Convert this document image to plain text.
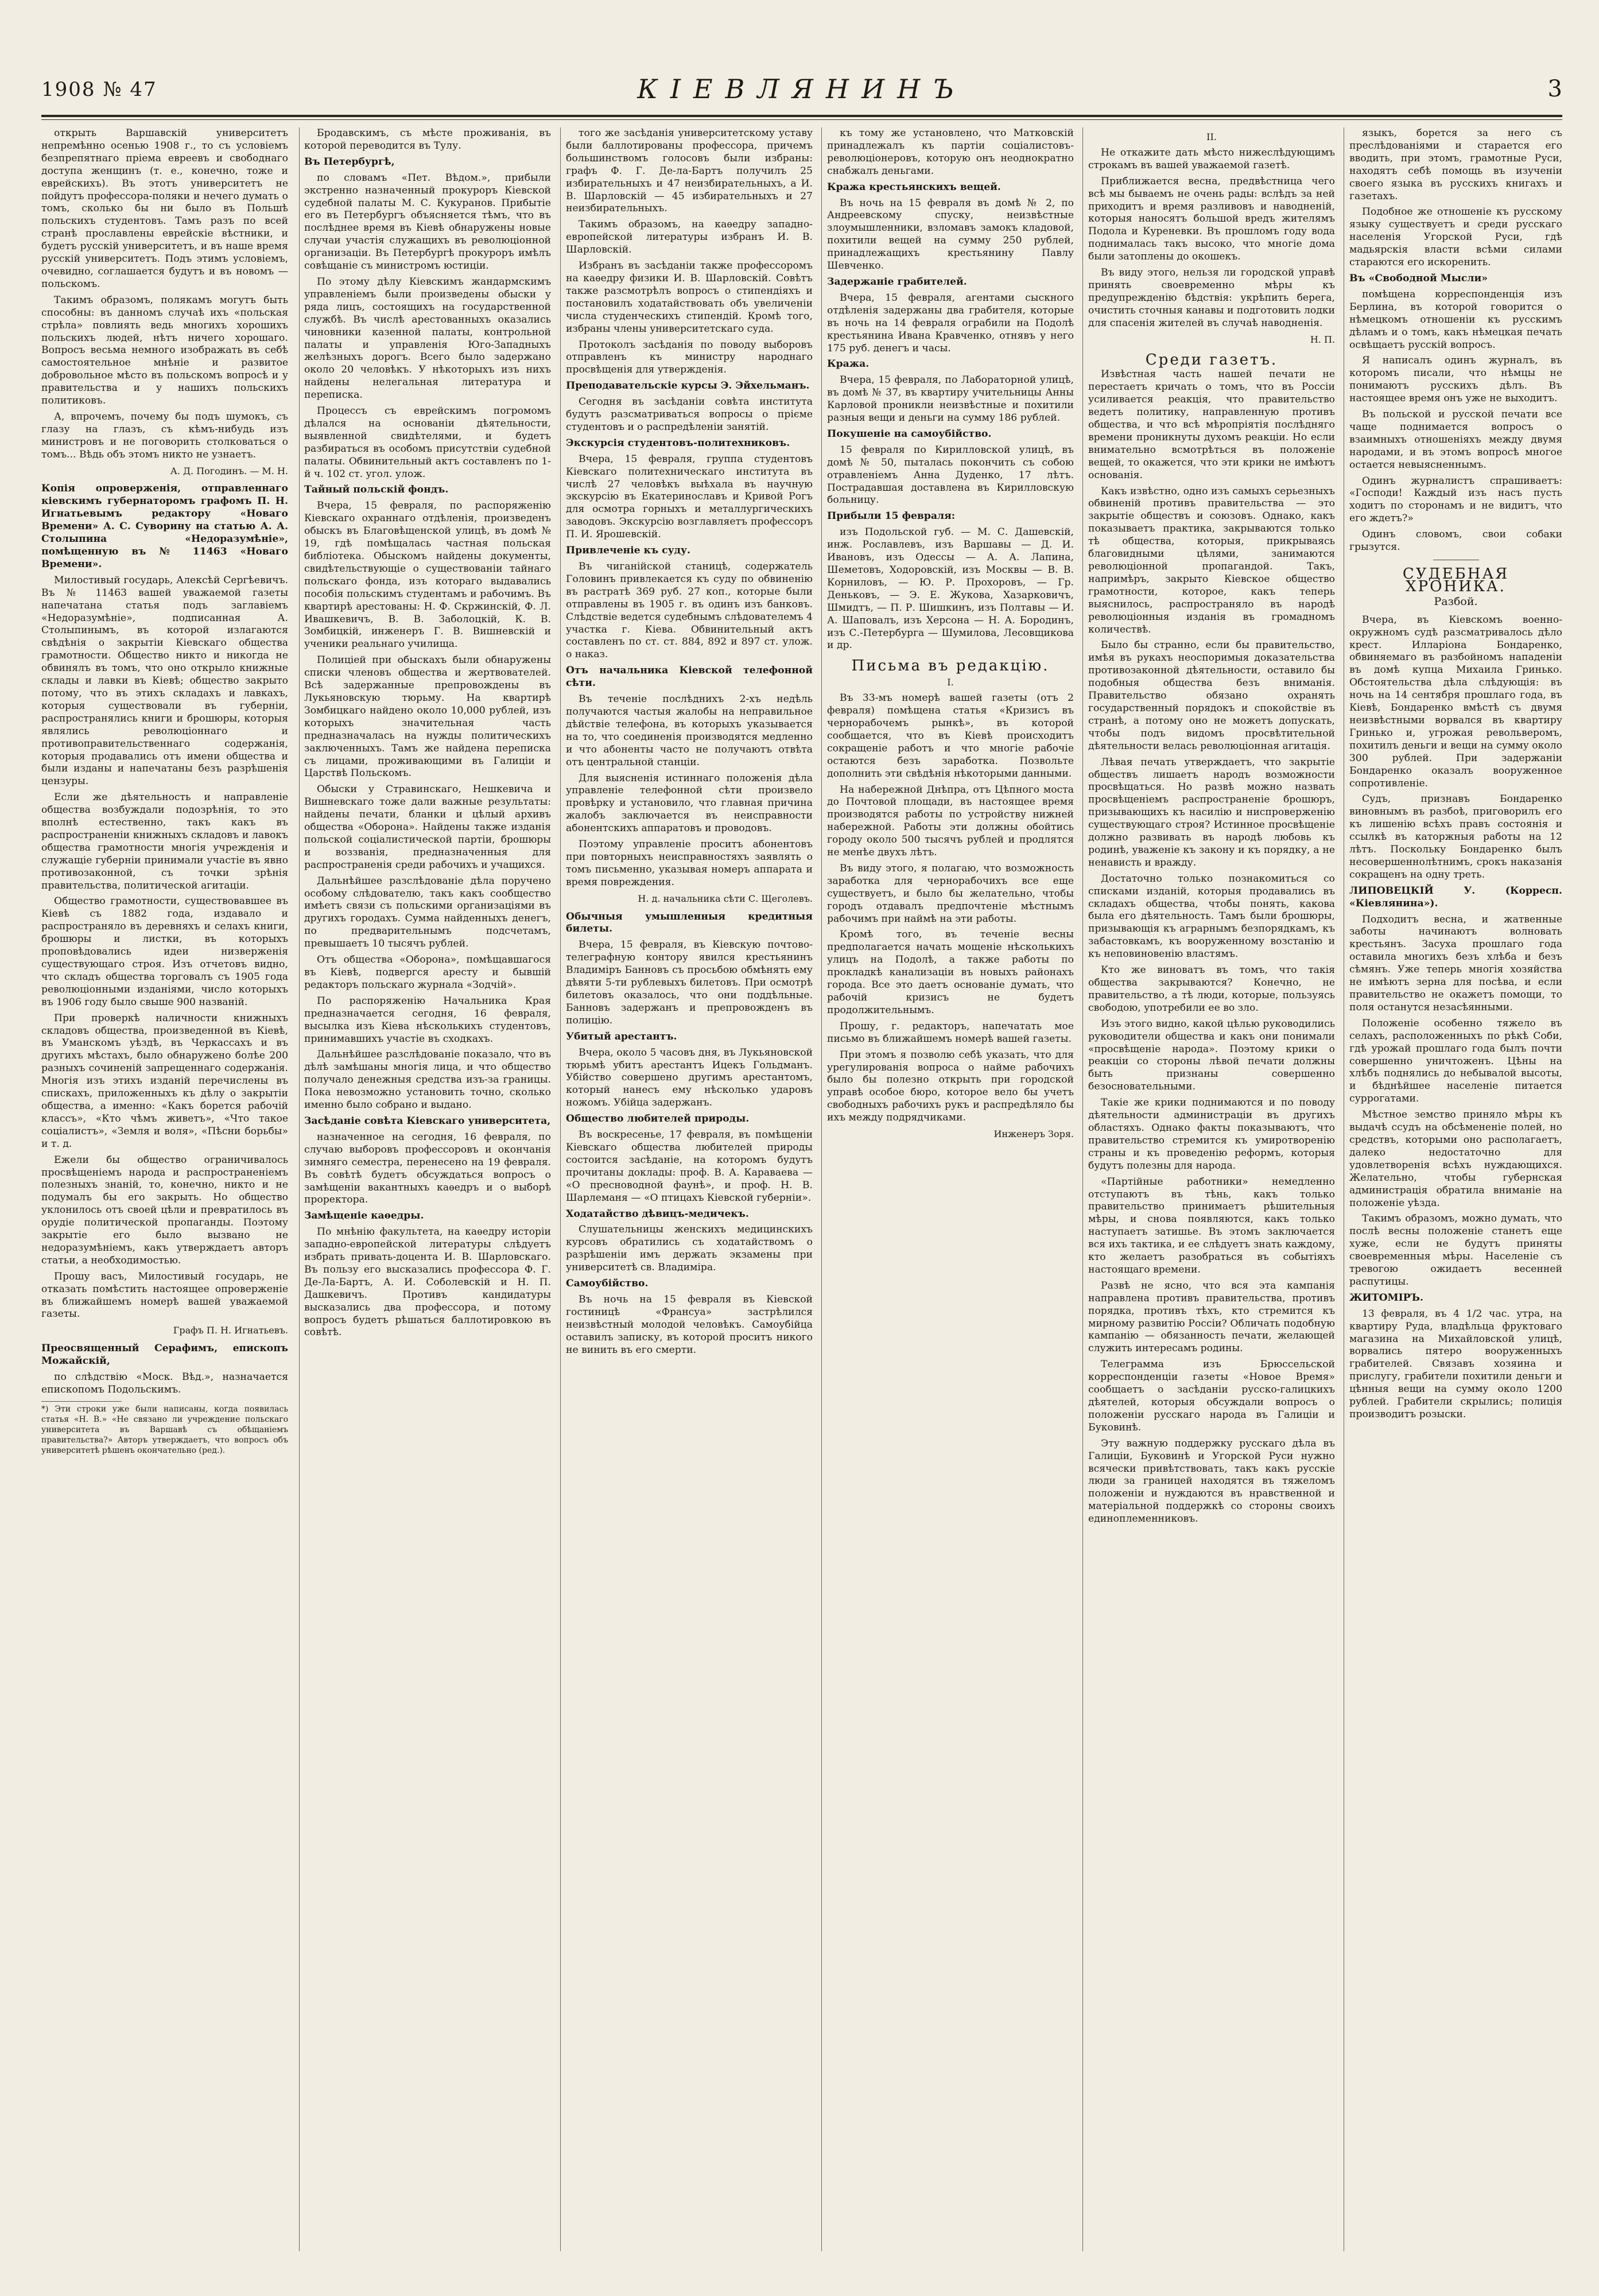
1908 № 47	КІЕВЛЯНИНЪ	3

открыть Варшавскій университетъ непремѣнно осенью 1908 г., то съ условіемъ безпрепятнаго пріема евреевъ и свободнаго доступа женщинъ (т. е., конечно, тоже и еврейскихъ). Въ этотъ университетъ не пойдутъ профессора-поляки и нечего думать о томъ, сколько бы ни было въ Польшѣ польскихъ студентовъ. Тамъ разъ по всей странѣ прославлены еврейскіе вѣстники, и будетъ русскій университетъ, и въ наше время русскій университетъ. Подъ этимъ условіемъ, очевидно, соглашается будутъ и въ новомъ — польскомъ.

Такимъ образомъ, полякамъ могутъ быть способны: въ данномъ случаѣ ихъ «польская стрѣла» повлиять ведь многихъ хорошихъ польскихъ людей, нѣтъ ничего хорошаго. Вопросъ весьма немного изображать въ себѣ самостоятельное мнѣніе и развитое добровольное мѣсто въ польскомъ вопросѣ и у правительства и у нашихъ польскихъ политиковъ.

А, впрочемъ, почему бы подъ шумокъ, съ глазу на глазъ, съ кѣмъ-нибудь изъ министровъ и не поговорить столковаться о томъ... Вѣдь объ этомъ никто не узнаетъ.

А. Д. Погодинъ. — М. Н.

Копія опроверженія, отправленнаго кіевскимъ губернаторомъ графомъ П. Н. Игнатьевымъ редактору «Новаго Времени» А. С. Суворину на статью А. А. Столыпина «Недоразумѣніе», помѣщенную въ № 11463 «Новаго Времени».

Милостивый государь, Алексѣй Сергѣевичъ. Въ № 11463 вашей уважаемой газеты напечатана статья подъ заглавіемъ «Недоразумѣніе», подписанная А. Столыпинымъ, въ которой излагаются свѣдѣнія о закрытіи Кіевскаго общества грамотности. Общество никто и никогда не обвинялъ въ томъ, что оно открыло книжные склады и лавки въ Кіевѣ; общество закрыто потому, что въ этихъ складахъ и лавкахъ, которыя существовали въ губерніи, распространялись книги и брошюры, которыя являлись революціоннаго и противоправительственнаго содержанія, которыя продавались отъ имени общества и были изданы и напечатаны безъ разрѣшенія цензуры.

Если же дѣятельность и направленіе общества возбуждали подозрѣнія, то это вполнѣ естественно, такъ какъ въ распространеніи книжныхъ складовъ и лавокъ общества грамотности многія учрежденія и служащіе губерніи принимали участіе въ явно противозаконной, съ точки зрѣнія правительства, политической агитаціи.

Общество грамотности, существовавшее въ Кіевѣ съ 1882 года, издавало и распространяло въ деревняхъ и селахъ книги, брошюры и листки, въ которыхъ проповѣдовались идеи низверженія существующаго строя. Изъ отчетовъ видно, что складъ общества торговалъ съ 1905 года революціонными изданіями, число которыхъ въ 1906 году было свыше 900 названій.

При проверкѣ наличности книжныхъ складовъ общества, произведенной въ Кіевѣ, въ Уманскомъ уѣздѣ, въ Черкассахъ и въ другихъ мѣстахъ, было обнаружено болѣе 200 разныхъ сочиненій запрещеннаго содержанія. Многія изъ этихъ изданій перечислены въ спискахъ, приложенныхъ къ дѣлу о закрытіи общества, а именно: «Какъ борется рабочій классъ», «Кто чѣмъ живетъ», «Что такое соціалистъ», «Земля и воля», «Пѣсни борьбы» и т. д.

Ежели бы общество ограничивалось просвѣщеніемъ народа и распространеніемъ полезныхъ знаній, то, конечно, никто и не подумалъ бы его закрыть. Но общество уклонилось отъ своей цѣли и превратилось въ орудіе политической пропаганды. Поэтому закрытіе его было вызвано не недоразумѣніемъ, какъ утверждаетъ авторъ статьи, а необходимостью.

Прошу васъ, Милостивый государь, не отказать помѣстить настоящее опроверженіе въ ближайшемъ номерѣ вашей уважаемой газеты.

Графъ П. Н. Игнатьевъ.

Преосвященный Серафимъ, епископъ Можайскій,

по слѣдствію «Моск. Вѣд.», назначается епископомъ Подольскимъ.

*) Эти строки уже были написаны, когда появилась статья «Н. В.» «Не связано ли учреждение польскаго университета въ Варшавѣ съ обѣщаніемъ правительства?» Авторъ утверждаетъ, что вопросъ объ университетѣ рѣшенъ окончательно (ред.).

Бродавскимъ, съ мѣсте проживанія, въ которой переводится въ Тулу.

Въ Петербургѣ,

по словамъ «Пет. Вѣдом.», прибыли экстренно назначенный прокуроръ Кіевской судебной палаты М. С. Кукуранов. Прибытіе его въ Петербургъ объясняется тѣмъ, что въ послѣднее время въ Кіевѣ обнаружены новые случаи участія служащихъ въ революціонной организаціи. Въ Петербургѣ прокуроръ имѣлъ совѣщаніе съ министромъ юстиціи.

По этому дѣлу Кіевскимъ жандармскимъ управленіемъ были произведены обыски у ряда лицъ, состоящихъ на государственной службѣ. Въ числѣ арестованныхъ оказались чиновники казенной палаты, контрольной палаты и управленія Юго-Западныхъ желѣзныхъ дорогъ. Всего было задержано около 20 человѣкъ. У нѣкоторыхъ изъ нихъ найдены нелегальная литература и переписка.

Процессъ съ еврейскимъ погромомъ дѣлался на основаніи дѣятельности, выявленной свидѣтелями, и будетъ разбираться въ особомъ присутствіи судебной палаты. Обвинительный актъ составленъ по 1-й ч. 102 ст. угол. улож.

Тайный польскій фондъ.

Вчера, 15 февраля, по распоряженію Кіевскаго охраннаго отдѣленія, произведенъ обыскъ въ Благовѣщенской улицѣ, въ домѣ № 19, гдѣ помѣщалась частная польская библіотека. Обыскомъ найдены документы, свидѣтельствующіе о существованіи тайнаго польскаго фонда, изъ котораго выдавались пособія польскимъ студентамъ и рабочимъ. Въ квартирѣ арестованы: Н. Ф. Скржинскій, Ф. Л. Ивашкевичъ, В. В. Заболоцкій, К. В. Зомбицкій, инженеръ Г. В. Вишневскій и ученики реальнаго училища.

Полиціей при обыскахъ были обнаружены списки членовъ общества и жертвователей. Всѣ задержанные препровождены въ Лукьяновскую тюрьму. На квартирѣ Зомбицкаго найдено около 10,000 рублей, изъ которыхъ значительная часть предназначалась на нужды политическихъ заключенныхъ. Тамъ же найдена переписка съ лицами, проживающими въ Галиціи и Царствѣ Польскомъ.

Обыски у Стравинскаго, Нешкевича и Вишневскаго тоже дали важные результаты: найдены печати, бланки и цѣлый архивъ общества «Оборона». Найдены также изданія польской соціалистической партіи, брошюры и воззванія, предназначенныя для распространенія среди рабочихъ и учащихся.

Дальнѣйшее разслѣдованіе дѣла поручено особому слѣдователю, такъ какъ сообщество имѣетъ связи съ польскими организаціями въ другихъ городахъ. Сумма найденныхъ денегъ, по предварительнымъ подсчетамъ, превышаетъ 10 тысячъ рублей.

Отъ общества «Оборона», помѣщавшагося въ Кіевѣ, подвергся аресту и бывшій редакторъ польскаго журнала «Зодчій».

По распоряженію Начальника Края предназначается сегодня, 16 февраля, высылка изъ Кіева нѣсколькихъ студентовъ, принимавшихъ участіе въ сходкахъ.

Дальнѣйшее разслѣдованіе показало, что въ дѣлѣ замѣшаны многія лица, и что общество получало денежныя средства изъ-за границы. Пока невозможно установить точно, сколько именно было собрано и выдано.

Засѣданіе совѣта Кіевскаго университета,

назначенное на сегодня, 16 февраля, по случаю выборовъ профессоровъ и окончанія зимняго семестра, перенесено на 19 февраля. Въ совѣтѣ будетъ обсуждаться вопросъ о замѣщеніи вакантныхъ каѳедръ и о выборѣ проректора.

Замѣщеніе каѳедры.

По мнѣнію факультета, на каѳедру исторіи западно-европейской литературы слѣдуетъ избрать привать-доцента И. В. Шарловскаго. Въ пользу его высказались профессора Ф. Г. Де-Ла-Бартъ, А. И. Соболевскій и Н. П. Дашкевичъ. Противъ кандидатуры высказались два профессора, и потому вопросъ будетъ рѣшаться баллотировкою въ совѣтѣ.

того же засѣданія университетскому уставу были баллотированы профессора, причемъ большинствомъ голосовъ были избраны: графъ Ф. Г. Де-ла-Бартъ получилъ 25 избирательныхъ и 47 неизбирательныхъ, а И. В. Шарловскій — 45 избирательныхъ и 27 неизбирательныхъ.

Такимъ образомъ, на каѳедру западно-европейской литературы избранъ И. В. Шарловскій.

Избранъ въ засѣданіи также профессоромъ на каѳедру физики И. В. Шарловскій. Совѣтъ также разсмотрѣлъ вопросъ о стипендіяхъ и постановилъ ходатайствовать объ увеличеніи числа студенческихъ стипендій. Кромѣ того, избраны члены университетскаго суда.

Протоколъ засѣданія по поводу выборовъ отправленъ къ министру народнаго просвѣщенія для утвержденія.

Преподавательскіе курсы Э. Эйхельманъ.

Сегодня въ засѣданіи совѣта института будутъ разсматриваться вопросы о прієме студентовъ и о распредѣленіи занятій.

Экскурсія студентовъ-политехниковъ.

Вчера, 15 февраля, группа студентовъ Кіевскаго политехническаго института въ числѣ 27 человѣкъ выѣхала въ научную экскурсію въ Екатеринославъ и Кривой Рогъ для осмотра горныхъ и металлургическихъ заводовъ. Экскурсію возглавляетъ профессоръ П. И. Ярошевскій.

Привлеченіе къ суду.

Въ чиганійской станицѣ, содержатель Головинъ привлекается къ суду по обвиненію въ растратѣ 369 руб. 27 коп., которые были отправлены въ 1905 г. въ одинъ изъ банковъ. Слѣдствіе ведется судебнымъ слѣдователемъ 4 участка г. Кіева. Обвинительный актъ составленъ по ст. ст. 884, 892 и 897 ст. улож. о наказ.

Отъ начальника Кіевской телефонной сѣти.

Въ теченіе послѣднихъ 2-хъ недѣль получаются частыя жалобы на неправильное дѣйствіе телефона, въ которыхъ указывается на то, что соединенія производятся медленно и что абоненты часто не получаютъ отвѣта отъ центральной станціи.

Для выясненія истиннаго положенія дѣла управленіе телефонной сѣти произвело провѣрку и установило, что главная причина жалобъ заключается въ неисправности абонентскихъ аппаратовъ и проводовъ.

Поэтому управленіе проситъ абонентовъ при повторныхъ неисправностяхъ заявлять о томъ письменно, указывая номеръ аппарата и время повреждения.

Н. д. начальника сѣти С. Щеголевъ.

Обычныя умышленныя кредитныя билеты.

Вчера, 15 февраля, въ Кіевскую почтово-телеграфную контору явился крестьянинъ Владиміръ Банновъ съ просьбою обмѣнять ему дѣвяти 5-ти рублевыхъ билетовъ. При осмотрѣ билетовъ оказалось, что они поддѣльные. Банновъ задержанъ и препровожденъ въ полицію.

Убитый арестантъ.

Вчера, около 5 часовъ дня, въ Лукьяновской тюрьмѣ убитъ арестантъ Ицекъ Гольдманъ. Убійство совершено другимъ арестантомъ, который нанесъ ему нѣсколько ударовъ ножомъ. Убійца задержанъ.

Общество любителей природы.

Въ воскресенье, 17 февраля, въ помѣщеніи Кіевскаго общества любителей природы состоится засѣданіе, на которомъ будутъ прочитаны доклады: проф. В. А. Караваева — «О пресноводной фаунѣ», и проф. Н. В. Шарлеманя — «О птицахъ Кіевской губерніи».

Ходатайство дѣвицъ-медичекъ.

Слушательницы женскихъ медицинскихъ курсовъ обратились съ ходатайствомъ о разрѣшеніи имъ держать экзамены при университетѣ св. Владиміра.

Самоубійство.

Въ ночь на 15 февраля въ Кіевской гостиницѣ «Франсуа» застрѣлился неизвѣстный молодой человѣкъ. Самоубійца оставилъ записку, въ которой проситъ никого не винить въ его смерти.

къ тому же установлено, что Матковскій принадлежалъ къ партіи соціалистовъ-революціонеровъ, которую онъ неоднократно снабжалъ деньгами.

Кража крестьянскихъ вещей.

Въ ночь на 15 февраля въ домѣ № 2, по Андреевскому спуску, неизвѣстные злоумышленники, взломавъ замокъ кладовой, похитили вещей на сумму 250 рублей, принадлежащихъ крестьянину Павлу Шевченко.

Задержаніе грабителей.

Вчера, 15 февраля, агентами сыскного отдѣленія задержаны два грабителя, которые въ ночь на 14 февраля ограбили на Подолѣ крестьянина Ивана Кравченко, отнявъ у него 175 руб. денегъ и часы.

Кража.

Вчера, 15 февраля, по Лабораторной улицѣ, въ домѣ № 37, въ квартиру учительницы Анны Карловой проникли неизвѣстные и похитили разныя вещи и деньги на сумму 186 рублей.

Покушеніе на самоубійство.

15 февраля по Кирилловской улицѣ, въ домѣ № 50, пыталась покончить съ собою отравленіемъ Анна Дуденко, 17 лѣтъ. Пострадавшая доставлена въ Кирилловскую больницу.

Прибыли 15 февраля:

изъ Подольской губ. — М. С. Дашевскій, инж. Рославлевъ, изъ Варшавы — Д. И. Ивановъ, изъ Одессы — А. А. Лапина, Шеметовъ, Ходоровскій, изъ Москвы — В. В. Корниловъ, — Ю. Р. Прохоровъ, — Гр. Деньковъ, — Э. Е. Жукова, Хазарковичъ, Шмидтъ, — П. Р. Шишкинъ, изъ Полтавы — И. А. Шаповалъ, изъ Херсона — Н. А. Бородинъ, изъ С.-Петербурга — Шумилова, Лесовщикова и др.

Письма въ редакцію.
I.

Въ 33-мъ номерѣ вашей газеты (отъ 2 февраля) помѣщена статья «Кризисъ въ чернорабочемъ рынкѣ», въ которой сообщается, что въ Кіевѣ происходитъ сокращеніе работъ и что многіе рабочіе остаются безъ заработка. Позвольте дополнить эти свѣдѣнія нѣкоторыми данными.

На набережной Днѣпра, отъ Цѣпного моста до Почтовой площади, въ настоящее время производятся работы по устройству нижней набережной. Работы эти должны обойтись городу около 500 тысячъ рублей и продлятся не менѣе двухъ лѣтъ.

Въ виду этого, я полагаю, что возможность заработка для чернорабочихъ все еще существуетъ, и было бы желательно, чтобы городъ отдавалъ предпочтеніе мѣстнымъ рабочимъ при наймѣ на эти работы.

Кромѣ того, въ теченіе весны предполагается начать мощеніе нѣсколькихъ улицъ на Подолѣ, а также работы по прокладкѣ канализаціи въ новыхъ районахъ города. Все это даетъ основаніе думать, что рабочій кризисъ не будетъ продолжительнымъ.

Прошу, г. редакторъ, напечатать мое письмо въ ближайшемъ номерѣ вашей газеты.

При этомъ я позволю себѣ указать, что для урегулированія вопроса о найме рабочихъ было бы полезно открыть при городской управѣ особое бюро, которое вело бы учетъ свободныхъ рабочихъ рукъ и распредѣляло бы ихъ между подрядчиками.

Инженеръ Зоря.
II.

Не откажите дать мѣсто нижеслѣдующимъ строкамъ въ вашей уважаемой газетѣ.

Приближается весна, предвѣстница чего всѣ мы бываемъ не очень рады: вслѣдъ за ней приходитъ и время разливовъ и наводненій, которыя наносятъ большой вредъ жителямъ Подола и Куреневки. Въ прошломъ году вода поднималась такъ высоко, что многіе дома были затоплены до окошекъ.

Въ виду этого, нельзя ли городской управѣ принять своевременно мѣры къ предупрежденію бѣдствія: укрѣпить берега, очистить сточныя канавы и подготовить лодки для спасенія жителей въ случаѣ наводненія.

Н. П.
Среди газетъ.

Извѣстная часть нашей печати не перестаетъ кричать о томъ, что въ Россіи усиливается реакція, что правительство ведетъ политику, направленную противъ общества, и что всѣ мѣропріятія послѣдняго времени проникнуты духомъ реакціи. Но если внимательно всмотрѣться въ положеніе вещей, то окажется, что эти крики не имѣютъ основанія.

Какъ извѣстно, одно изъ самыхъ серьезныхъ обвиненій противъ правительства — это закрытіе обществъ и союзовъ. Однако, какъ показываетъ практика, закрываются только тѣ общества, которыя, прикрываясь благовидными цѣлями, занимаются революціонной пропагандой. Такъ, напримѣръ, закрыто Кіевское общество грамотности, которое, какъ теперь выяснилось, распространяло въ народѣ революціонныя изданія въ громадномъ количествѣ.

Было бы странно, если бы правительство, имѣя въ рукахъ неоспоримыя доказательства противозаконной дѣятельности, оставило бы подобныя общества безъ вниманія. Правительство обязано охранять государственный порядокъ и спокойствіе въ странѣ, а потому оно не можетъ допускать, чтобы подъ видомъ просвѣтительной дѣятельности велась революціонная агитація.

Лѣвая печать утверждаетъ, что закрытіе обществъ лишаетъ народъ возможности просвѣщаться. Но развѣ можно назвать просвѣщеніемъ распространеніе брошюръ, призывающихъ къ насилію и ниспроверженію существующаго строя? Истинное просвѣщеніе должно развивать въ народѣ любовь къ родинѣ, уваженіе къ закону и къ порядку, а не ненависть и вражду.

Достаточно только познакомиться со списками изданій, которыя продавались въ складахъ общества, чтобы понять, какова была его дѣятельность. Тамъ были брошюры, призывающія къ аграрнымъ безпорядкамъ, къ забастовкамъ, къ вооруженному возстанію и къ неповиновенію властямъ.

Кто же виноватъ въ томъ, что такія общества закрываются? Конечно, не правительство, а тѣ люди, которые, пользуясь свободою, употребили ее во зло.

Изъ этого видно, какой цѣлью руководились руководители общества и какъ они понимали «просвѣщеніе народа». Поэтому крики о реакціи со стороны лѣвой печати должны быть признаны совершенно безосновательными.

Такіе же крики поднимаются и по поводу дѣятельности администраціи въ другихъ областяхъ. Однако факты показываютъ, что правительство стремится къ умиротворенію страны и къ проведенію реформъ, которыя будутъ полезны для народа.

«Партійные работники» немедленно отступаютъ въ тѣнь, какъ только правительство принимаетъ рѣшительныя мѣры, и снова появляются, какъ только наступаетъ затишье. Въ этомъ заключается вся ихъ тактика, и ее слѣдуетъ знать каждому, кто желаетъ разобраться въ событіяхъ настоящаго времени.

Развѣ не ясно, что вся эта кампанія направлена противъ правительства, противъ порядка, противъ тѣхъ, кто стремится къ мирному развитію Россіи? Обличать подобную кампанію — обязанность печати, желающей служить интересамъ родины.

Телеграмма изъ Брюссельской корреспонденціи газеты «Новое Время» сообщаетъ о засѣданіи русско-галицкихъ дѣятелей, которыя обсуждали вопросъ о положеніи русскаго народа въ Галиціи и Буковинѣ.

Эту важную поддержку русскаго дѣла въ Галиціи, Буковинѣ и Угорской Руси нужно всячески привѣтствовать, такъ какъ русскіе люди за границей находятся въ тяжеломъ положеніи и нуждаются въ нравственной и матеріальной поддержкѣ со стороны своихъ единоплеменниковъ.

языкъ, борется за него съ преслѣдованіями и старается его вводить, при этомъ, грамотные Руси, находятъ себѣ помощь въ изученіи своего языка въ русскихъ книгахъ и газетахъ.

Подобное же отношеніе къ русскому языку существуетъ и среди русскаго населенія Угорской Руси, гдѣ мадьярскія власти всѣми силами стараются его искоренить.

Въ «Свободной Мысли»

помѣщена корреспонденція изъ Берлина, въ которой говорится о нѣмецкомъ отношеніи къ русскимъ дѣламъ и о томъ, какъ нѣмецкая печать освѣщаетъ русскій вопросъ.

Я написалъ одинъ журналъ, въ которомъ писали, что нѣмцы не понимаютъ русскихъ дѣлъ. Въ настоящее время онъ уже не выходитъ.

Въ польской и русской печати все чаще поднимается вопросъ о взаимныхъ отношеніяхъ между двумя народами, и въ этомъ вопросѣ многое остается невыясненнымъ.

Одинъ журналистъ спрашиваетъ: «Господи! Каждый изъ насъ пусть ходитъ по сторонамъ и не видитъ, что его ждетъ?»

Одинъ словомъ, свои собаки грызутся.

СУДЕБНАЯ ХРОНИКА.
Разбой.

Вчера, въ Кіевскомъ военно-окружномъ судѣ разсматривалось дѣло крест. Илларіона Бондаренко, обвиняемаго въ разбойномъ нападеніи въ домѣ купца Михаила Гринько. Обстоятельства дѣла слѣдующія: въ ночь на 14 сентября прошлаго года, въ Кіевѣ, Бондаренко вмѣстѣ съ двумя неизвѣстными ворвался въ квартиру Гринько и, угрожая револьверомъ, похитилъ деньги и вещи на сумму около 300 рублей. При задержаніи Бондаренко оказалъ вооруженное сопротивленіе.

Судъ, признавъ Бондаренко виновнымъ въ разбоѣ, приговорилъ его къ лишенію всѣхъ правъ состоянія и ссылкѣ въ каторжныя работы на 12 лѣтъ. Поскольку Бондаренко былъ несовершеннолѣтнимъ, срокъ наказанія сокращенъ на одну треть.

ЛИПОВЕЦКІЙ У. (Корресп. «Кіевлянина»).

Подходитъ весна, и жатвенные заботы начинаютъ волновать крестьянъ. Засуха прошлаго года оставила многихъ безъ хлѣба и безъ сѣмянъ. Уже теперь многія хозяйства не имѣютъ зерна для посѣва, и если правительство не окажетъ помощи, то поля останутся незасѣянными.

Положеніе особенно тяжело въ селахъ, расположенныхъ по рѣкѣ Соби, гдѣ урожай прошлаго года былъ почти совершенно уничтоженъ. Цѣны на хлѣбъ поднялись до небывалой высоты, и бѣднѣйшее населеніе питается суррогатами.

Мѣстное земство приняло мѣры къ выдачѣ ссудъ на обсѣмененіе полей, но средствъ, которыми оно располагаетъ, далеко недостаточно для удовлетворенія всѣхъ нуждающихся. Желательно, чтобы губернская администрація обратила вниманіе на положеніе уѣзда.

Такимъ образомъ, можно думать, что послѣ весны положеніе станетъ еще хуже, если не будутъ приняты своевременныя мѣры. Населеніе съ тревогою ожидаетъ весенней распутицы.

ЖИТОМІРЪ.

13 февраля, въ 4 1/2 час. утра, на квартиру Руда, владѣльца фруктоваго магазина на Михайловской улицѣ, ворвались пятеро вооруженныхъ грабителей. Связавъ хозяина и прислугу, грабители похитили деньги и цѣнныя вещи на сумму около 1200 рублей. Грабители скрылись; полиція производитъ розыски.
